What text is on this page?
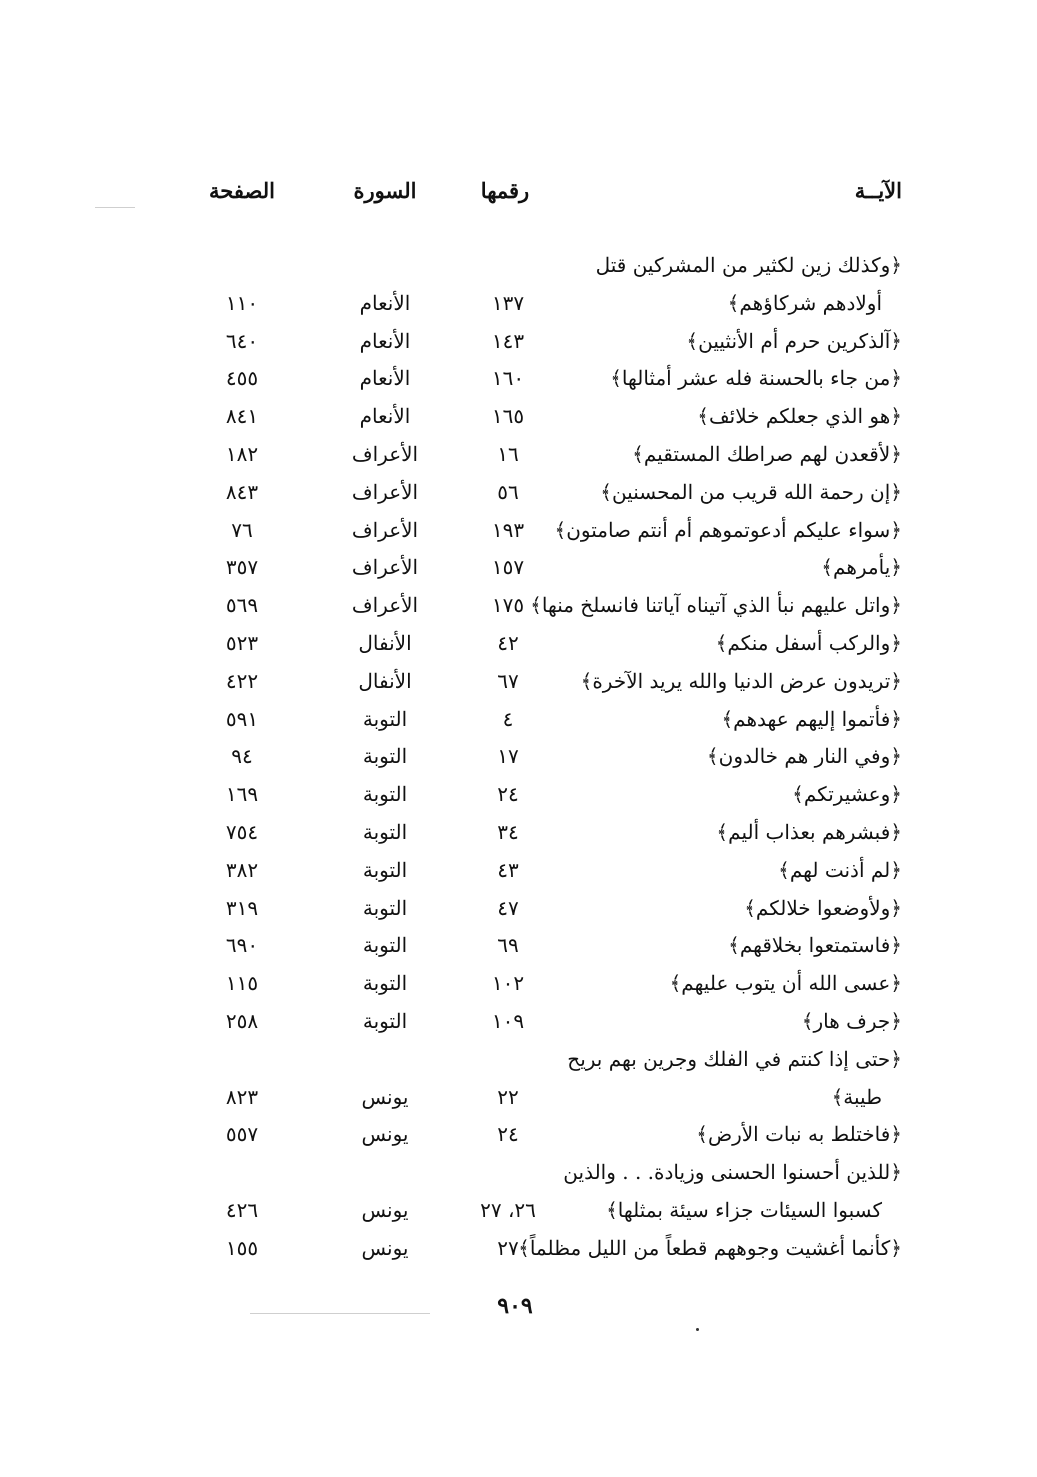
الآيــة
رقمها
السورة
الصفحة
﴿وكذلك زين لكثير من المشركين قتل
أولادهم شركاؤهم﴾
١٣٧
الأنعام
١١٠
﴿آلذكرين حرم أم الأنثيين﴾
١٤٣
الأنعام
٦٤٠
﴿من جاء بالحسنة فله عشر أمثالها﴾
١٦٠
الأنعام
٤٥٥
﴿هو الذي جعلكم خلائف﴾
١٦٥
الأنعام
٨٤١
﴿لأقعدن لهم صراطك المستقيم﴾
١٦
الأعراف
١٨٢
﴿إن رحمة الله قريب من المحسنين﴾
٥٦
الأعراف
٨٤٣
﴿سواء عليكم أدعوتموهم أم أنتم صامتون﴾
١٩٣
الأعراف
٧٦
﴿يأمرهم﴾
١٥٧
الأعراف
٣٥٧
﴿واتل عليهم نبأ الذي آتيناه آياتنا فانسلخ منها﴾
١٧٥
الأعراف
٥٦٩
﴿والركب أسفل منكم﴾
٤٢
الأنفال
٥٢٣
﴿تريدون عرض الدنيا والله يريد الآخرة﴾
٦٧
الأنفال
٤٢٢
﴿فأتموا إليهم عهدهم﴾
٤
التوبة
٥٩١
﴿وفي النار هم خالدون﴾
١٧
التوبة
٩٤
﴿وعشيرتكم﴾
٢٤
التوبة
١٦٩
﴿فبشرهم بعذاب أليم﴾
٣٤
التوبة
٧٥٤
﴿لم أذنت لهم﴾
٤٣
التوبة
٣٨٢
﴿ولأوضعوا خلالكم﴾
٤٧
التوبة
٣١٩
﴿فاستمتعوا بخلاقهم﴾
٦٩
التوبة
٦٩٠
﴿عسى الله أن يتوب عليهم﴾
١٠٢
التوبة
١١٥
﴿جرف هار﴾
١٠٩
التوبة
٢٥٨
﴿حتى إذا كنتم في الفلك وجرين بهم بريح
طيبة﴾
٢٢
يونس
٨٢٣
﴿فاختلط به نبات الأرض﴾
٢٤
يونس
٥٥٧
﴿للذين أحسنوا الحسنى وزيادة. . . والذين
كسبوا السيئات جزاء سيئة بمثلها﴾
٢٦، ٢٧
يونس
٤٢٦
﴿كأنما أغشيت وجوههم قطعاً من الليل مظلماً﴾
٢٧
يونس
١٥٥
٩٠٩
